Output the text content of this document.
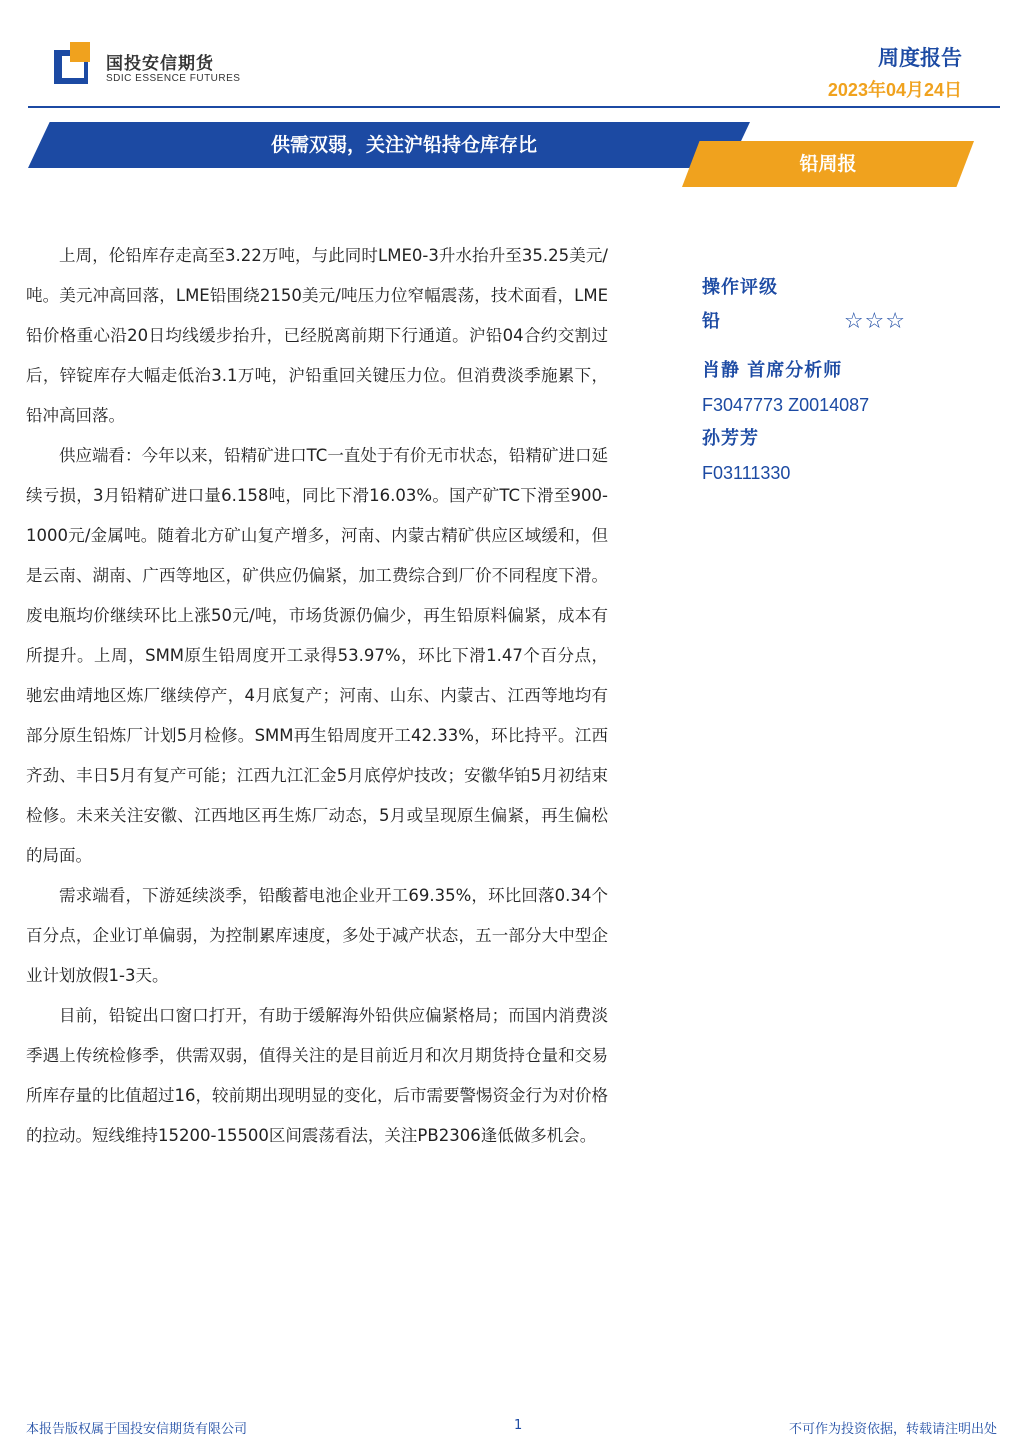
国投安信期货
SDIC ESSENCE FUTURES
周度报告
2023年04月24日
供需双弱，关注沪铅持仓库存比
铅周报

上周，伦铅库存走高至3.22万吨，与此同时LME0-3升水抬升至35.25美元/吨。美元冲高回落，LME铅围绕2150美元/吨压力位窄幅震荡，技术面看，LME铅价格重心沿20日均线缓步抬升，已经脱离前期下行通道。沪铅04合约交割过后，锌锭库存大幅走低治3.1万吨，沪铅重回关键压力位。但消费淡季施累下，铅冲高回落。

供应端看：今年以来，铅精矿进口TC一直处于有价无市状态，铅精矿进口延续亏损，3月铅精矿进口量6.158吨，同比下滑16.03%。国产矿TC下滑至900-1000元/金属吨。随着北方矿山复产增多，河南、内蒙古精矿供应区域缓和，但是云南、湖南、广西等地区，矿供应仍偏紧，加工费综合到厂价不同程度下滑。废电瓶均价继续环比上涨50元/吨，市场货源仍偏少，再生铅原料偏紧，成本有所提升。上周，SMM原生铅周度开工录得53.97%，环比下滑1.47个百分点，驰宏曲靖地区炼厂继续停产，4月底复产；河南、山东、内蒙古、江西等地均有部分原生铅炼厂计划5月检修。SMM再生铅周度开工42.33%，环比持平。江西齐劲、丰日5月有复产可能；江西九江汇金5月底停炉技改；安徽华铂5月初结束检修。未来关注安徽、江西地区再生炼厂动态，5月或呈现原生偏紧，再生偏松的局面。

需求端看，下游延续淡季，铅酸蓄电池企业开工69.35%，环比回落0.34个百分点，企业订单偏弱，为控制累库速度，多处于减产状态，五一部分大中型企业计划放假1-3天。

目前，铅锭出口窗口打开，有助于缓解海外铅供应偏紧格局；而国内消费淡季遇上传统检修季，供需双弱，值得关注的是目前近月和次月期货持仓量和交易所库存量的比值超过16，较前期出现明显的变化，后市需要警惕资金行为对价格的拉动。短线维持15200-15500区间震荡看法，关注PB2306逢低做多机会。

操作评级
铅	☆☆☆
肖静 首席分析师
F3047773 Z0014087
孙芳芳
F03111330
本报告版权属于国投安信期货有限公司	1	不可作为投资依据，转载请注明出处
